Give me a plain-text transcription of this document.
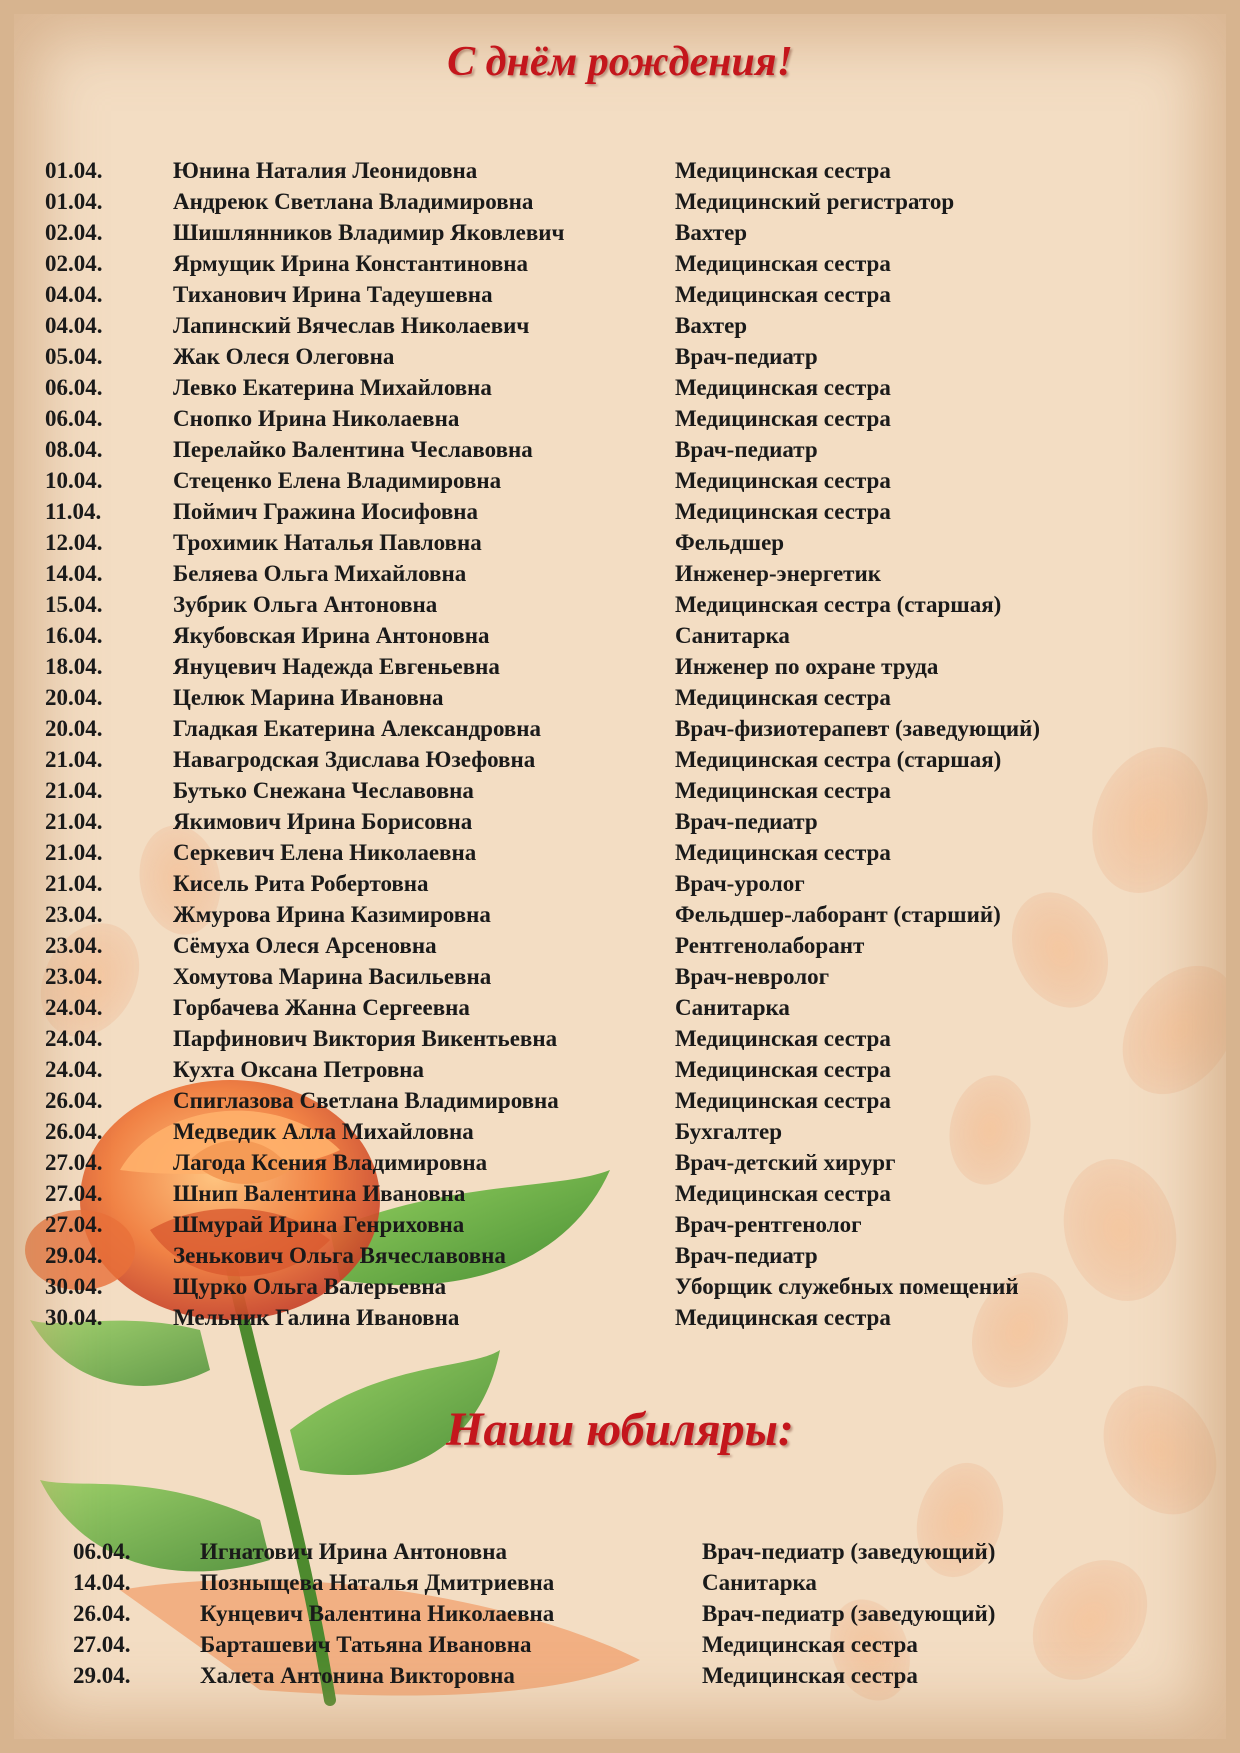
С днём рождения!
01.04.	Юнина Наталия Леонидовна	Медицинская сестра
01.04.	Андреюк Светлана Владимировна	Медицинский регистратор
02.04.	Шишлянников Владимир Яковлевич	Вахтер
02.04.	Ярмущик Ирина Константиновна	Медицинская сестра
04.04.	Тиханович Ирина Тадеушевна	Медицинская сестра
04.04.	Лапинский Вячеслав Николаевич	Вахтер
05.04.	Жак Олеся Олеговна	Врач-педиатр
06.04.	Левко Екатерина Михайловна	Медицинская сестра
06.04.	Снопко Ирина Николаевна	Медицинская сестра
08.04.	Перелайко Валентина Чеславовна	Врач-педиатр
10.04.	Стеценко Елена Владимировна	Медицинская сестра
11.04.	Поймич Гражина Иосифовна	Медицинская сестра
12.04.	Трохимик Наталья Павловна	Фельдшер
14.04.	Беляева Ольга Михайловна	Инженер-энергетик
15.04.	Зубрик Ольга Антоновна	Медицинская сестра (старшая)
16.04.	Якубовская Ирина Антоновна	Санитарка
18.04.	Януцевич Надежда Евгеньевна	Инженер по охране труда
20.04.	Целюк Марина Ивановна	Медицинская сестра
20.04.	Гладкая Екатерина Александровна	Врач-физиотерапевт (заведующий)
21.04.	Навагродская Здислава Юзефовна	Медицинская сестра (старшая)
21.04.	Бутько Снежана Чеславовна	Медицинская сестра
21.04.	Якимович Ирина Борисовна	Врач-педиатр
21.04.	Серкевич Елена Николаевна	Медицинская сестра
21.04.	Кисель Рита Робертовна	Врач-уролог
23.04.	Жмурова Ирина Казимировна	Фельдшер-лаборант (старший)
23.04.	Сёмуха Олеся Арсеновна	Рентгенолаборант
23.04.	Хомутова Марина Васильевна	Врач-невролог
24.04.	Горбачева Жанна Сергеевна	Санитарка
24.04.	Парфинович Виктория Викентьевна	Медицинская сестра
24.04.	Кухта Оксана Петровна	Медицинская сестра
26.04.	Спиглазова Светлана Владимировна	Медицинская сестра
26.04.	Медведик Алла Михайловна	Бухгалтер
27.04.	Лагода Ксения Владимировна	Врач-детский хирург
27.04.	Шнип Валентина Ивановна	Медицинская сестра
27.04.	Шмурай Ирина Генриховна	Врач-рентгенолог
29.04.	Зенькович Ольга Вячеславовна	Врач-педиатр
30.04.	Щурко Ольга Валерьевна	Уборщик служебных помещений
30.04.	Мельник Галина Ивановна	Медицинская сестра
Наши юбиляры:
06.04.	Игнатович Ирина Антоновна	Врач-педиатр (заведующий)
14.04.	Позныщева Наталья Дмитриевна	Санитарка
26.04.	Кунцевич Валентина Николаевна	Врач-педиатр (заведующий)
27.04.	Барташевич Татьяна Ивановна	Медицинская сестра
29.04.	Халета Антонина Викторовна	Медицинская сестра
